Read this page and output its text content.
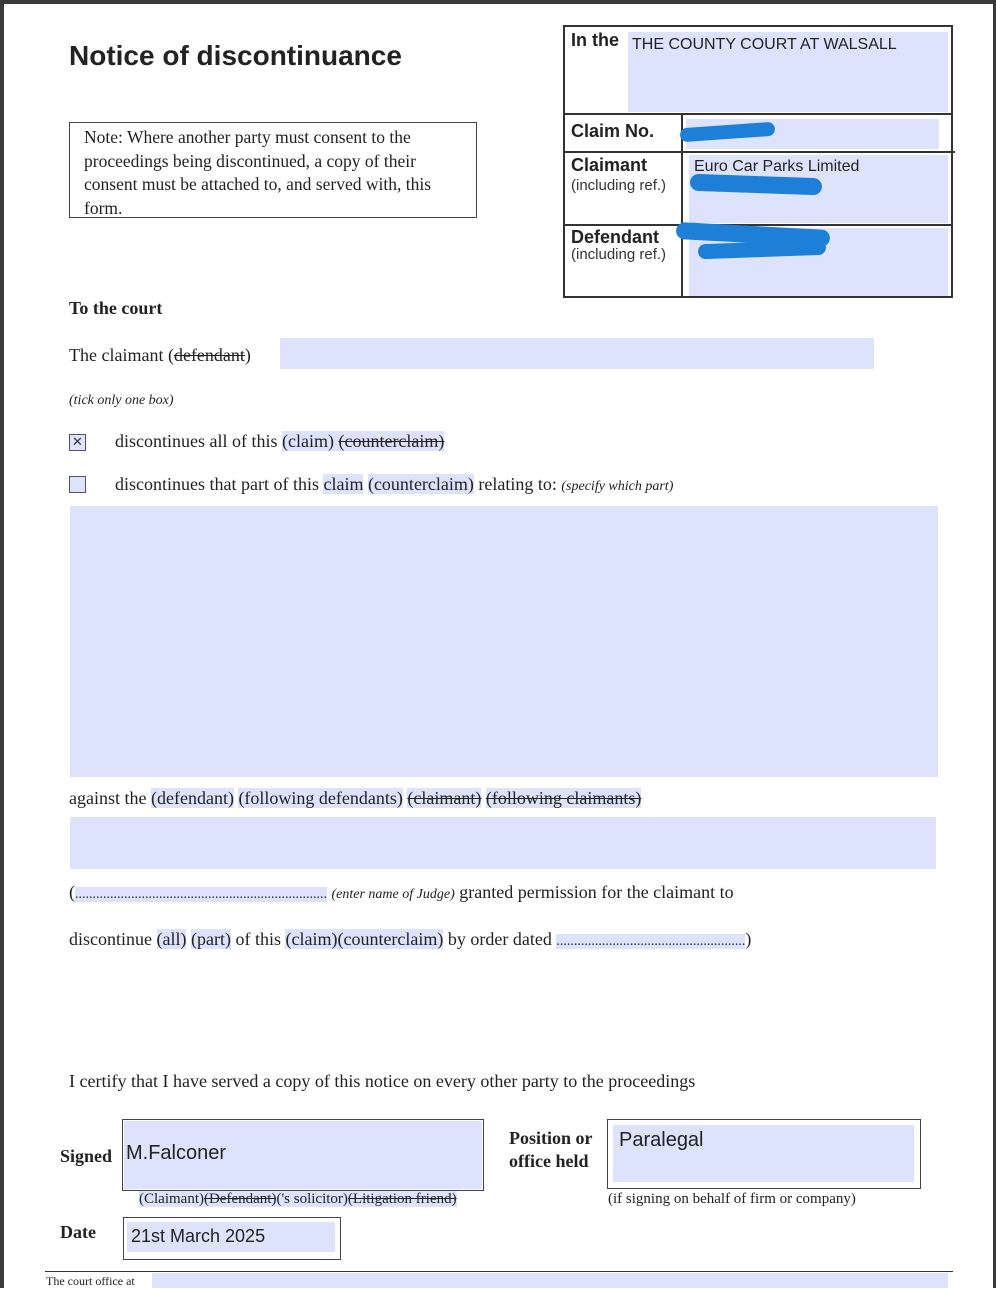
Notice of discontinuance
Note: Where another party must consent to the proceedings being discontinued, a copy of their consent must be attached to, and served with, this form.
In the THE COUNTY COURT AT WALSALL
Claim No.
Claimant
(including ref.)
Euro Car Parks Limited
Defendant
(including ref.)
To the court
The claimant (defendant)
(tick only one box)
✕ discontinues all of this (claim) (counterclaim)
discontinues that part of this claim (counterclaim) relating to: (specify which part)
against the (defendant) (following defendants) (claimant) (following claimants)
(........................................................................ (enter name of Judge) granted permission for the claimant to
discontinue (all) (part) of this (claim)(counterclaim) by order dated ......................................................)
I certify that I have served a copy of this notice on every other party to the proceedings
Signed M.Falconer
Position or
office held
Paralegal
(Claimant)(Defendant)('s solicitor)(Litigation friend)	(if signing on behalf of firm or company)
Date 21st March 2025
The court office at
